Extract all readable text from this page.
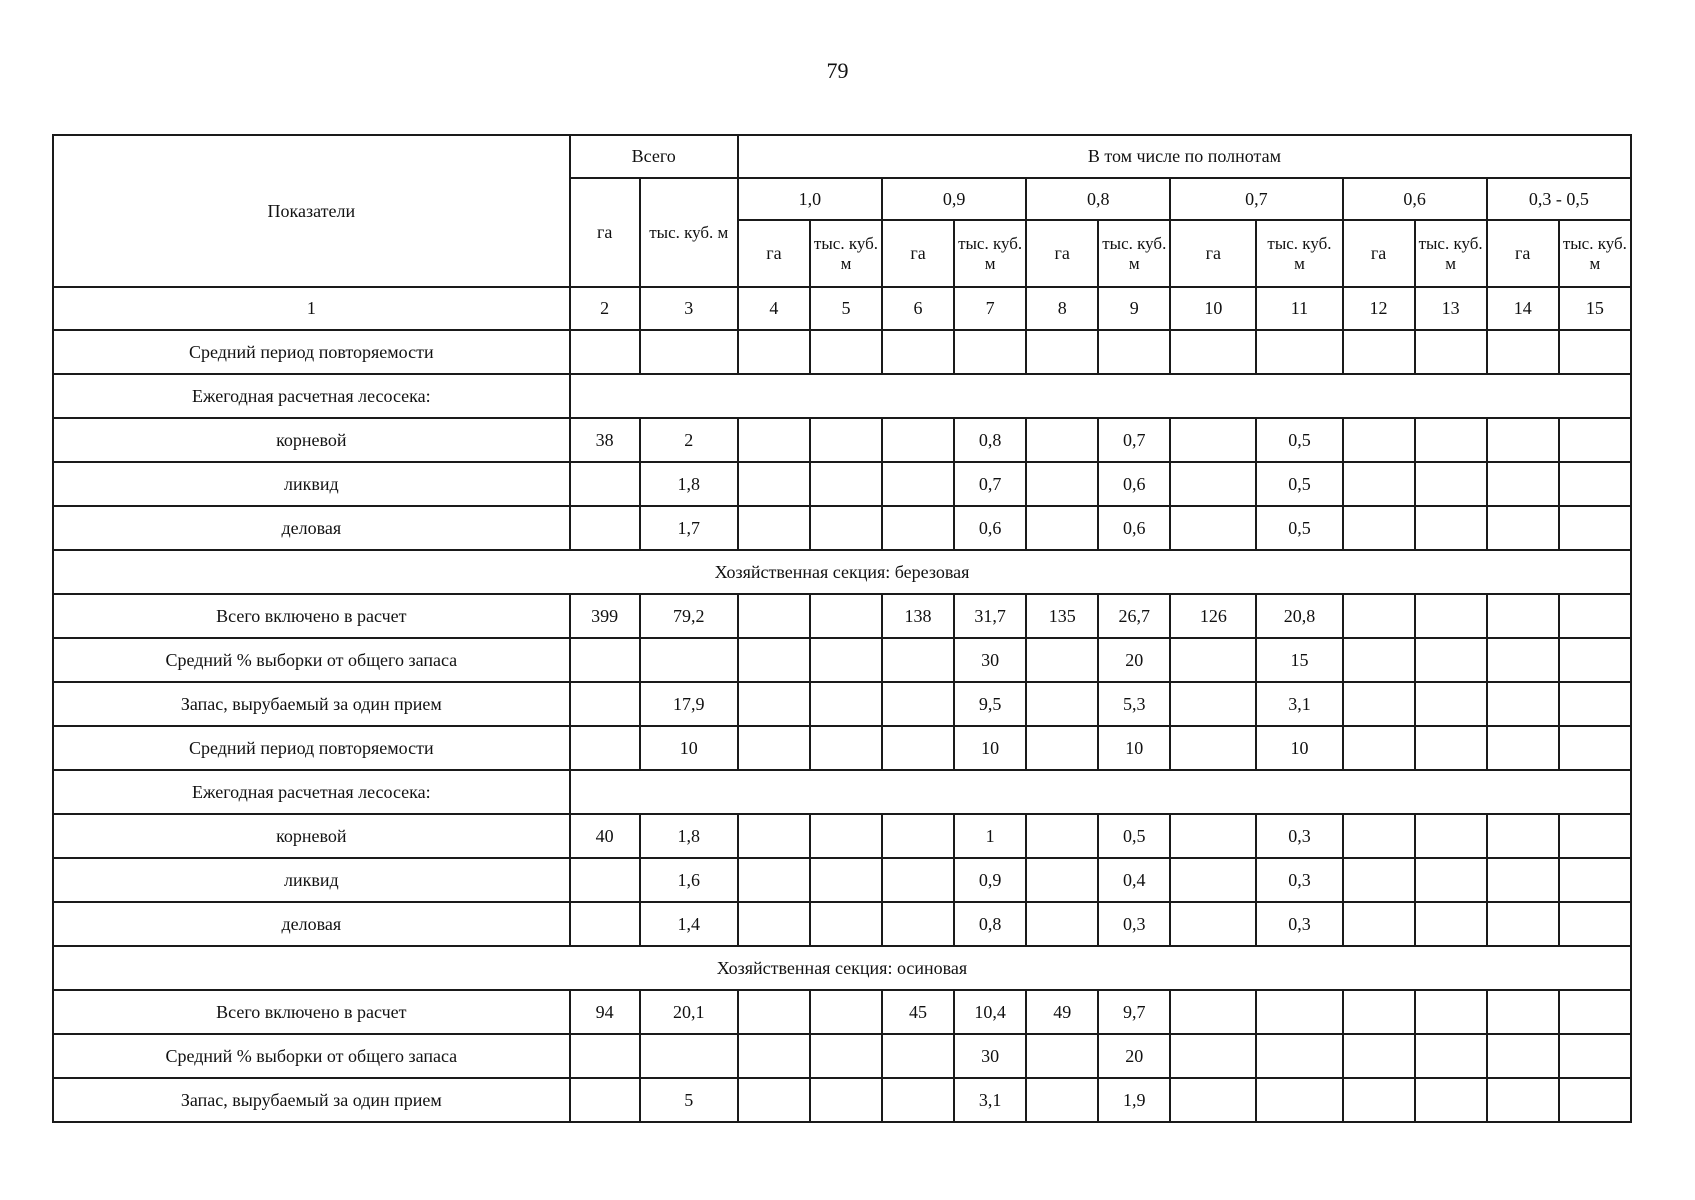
79
Показатели	Всего		В том числе по полнотам											
	га	тыс. куб. м	1,0		0,9		0,8		0,7		0,6		0,3 - 0,5	
			га	тыс. куб. м	га	тыс. куб. м	га	тыс. куб. м	га	тыс. куб. м	га	тыс. куб. м	га	тыс. куб. м
1	2	3	4	5	6	7	8	9	10	11	12	13	14	15
Средний период повторяемости														
Ежегодная расчетная лесосека:														
корневой	38	2				0,8		0,7		0,5				
ликвид		1,8				0,7		0,6		0,5				
деловая		1,7				0,6		0,6		0,5				
Хозяйственная секция: березовая														
Всего включено в расчет	399	79,2			138	31,7	135	26,7	126	20,8				
Средний % выборки от общего запаса						30		20		15				
Запас, вырубаемый за один прием		17,9				9,5		5,3		3,1				
Средний период повторяемости		10				10		10		10				
Ежегодная расчетная лесосека:														
корневой	40	1,8				1		0,5		0,3				
ликвид		1,6				0,9		0,4		0,3				
деловая		1,4				0,8		0,3		0,3				
Хозяйственная секция: осиновая														
Всего включено в расчет	94	20,1			45	10,4	49	9,7						
Средний % выборки от общего запаса						30		20						
Запас, вырубаемый за один прием		5				3,1		1,9						
